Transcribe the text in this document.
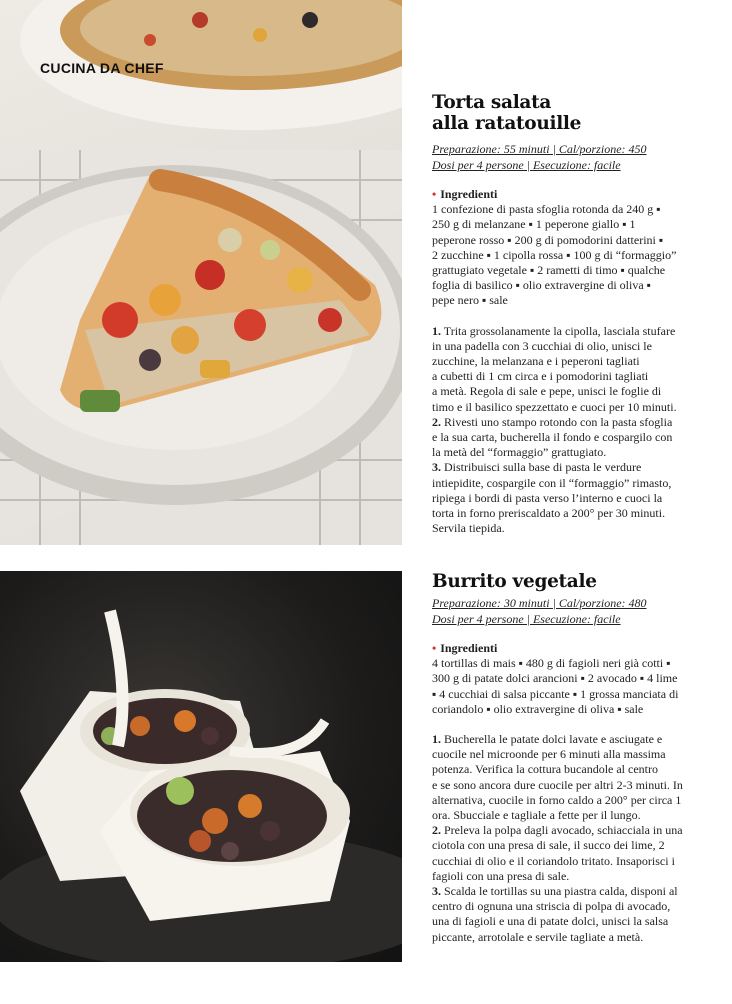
CUCINA DA CHEF
Torta salata
alla ratatouille
Preparazione: 55 minuti | Cal/porzione: 450
Dosi per 4 persone | Esecuzione: facile
• Ingredienti
1 confezione di pasta sfoglia rotonda da 240 g ▪
250 g di melanzane ▪ 1 peperone giallo ▪ 1
peperone rosso ▪ 200 g di pomodorini datterini ▪
2 zucchine ▪ 1 cipolla rossa ▪ 100 g di “formaggio”
grattugiato vegetale ▪ 2 rametti di timo ▪ qualche
foglia di basilico ▪ olio extravergine di oliva ▪
pepe nero ▪ sale
1. Trita grossolanamente la cipolla, lasciala stufare
in una padella con 3 cucchiai di olio, unisci le
zucchine, la melanzana e i peperoni tagliati
a cubetti di 1 cm circa e i pomodorini tagliati
a metà. Regola di sale e pepe, unisci le foglie di
timo e il basilico spezzettato e cuoci per 10 minuti.
2. Rivesti uno stampo rotondo con la pasta sfoglia
e la sua carta, bucherella il fondo e cospargilo con
la metà del “formaggio” grattugiato.
3. Distribuisci sulla base di pasta le verdure
intiepidite, cospargile con il “formaggio” rimasto,
ripiega i bordi di pasta verso l’interno e cuoci la
torta in forno preriscaldato a 200° per 30 minuti.
Servila tiepida.
Burrito vegetale
Preparazione: 30 minuti | Cal/porzione: 480
Dosi per 4 persone | Esecuzione: facile
• Ingredienti
4 tortillas di mais ▪ 480 g di fagioli neri già cotti ▪
300 g di patate dolci arancioni ▪ 2 avocado ▪ 4 lime
▪ 4 cucchiai di salsa piccante ▪ 1 grossa manciata di
coriandolo ▪ olio extravergine di oliva ▪ sale
1. Bucherella le patate dolci lavate e asciugate e
cuocile nel microonde per 6 minuti alla massima
potenza. Verifica la cottura bucandole al centro
e se sono ancora dure cuocile per altri 2-3 minuti. In
alternativa, cuocile in forno caldo a 200° per circa 1
ora. Sbucciale e tagliale a fette per il lungo.
2. Preleva la polpa dagli avocado, schiacciala in una
ciotola con una presa di sale, il succo dei lime, 2
cucchiai di olio e il coriandolo tritato. Insaporisci i
fagioli con una presa di sale.
3. Scalda le tortillas su una piastra calda, disponi al
centro di ognuna una striscia di polpa di avocado,
una di fagioli e una di patate dolci, unisci la salsa
piccante, arrotolale e servile tagliate a metà.
